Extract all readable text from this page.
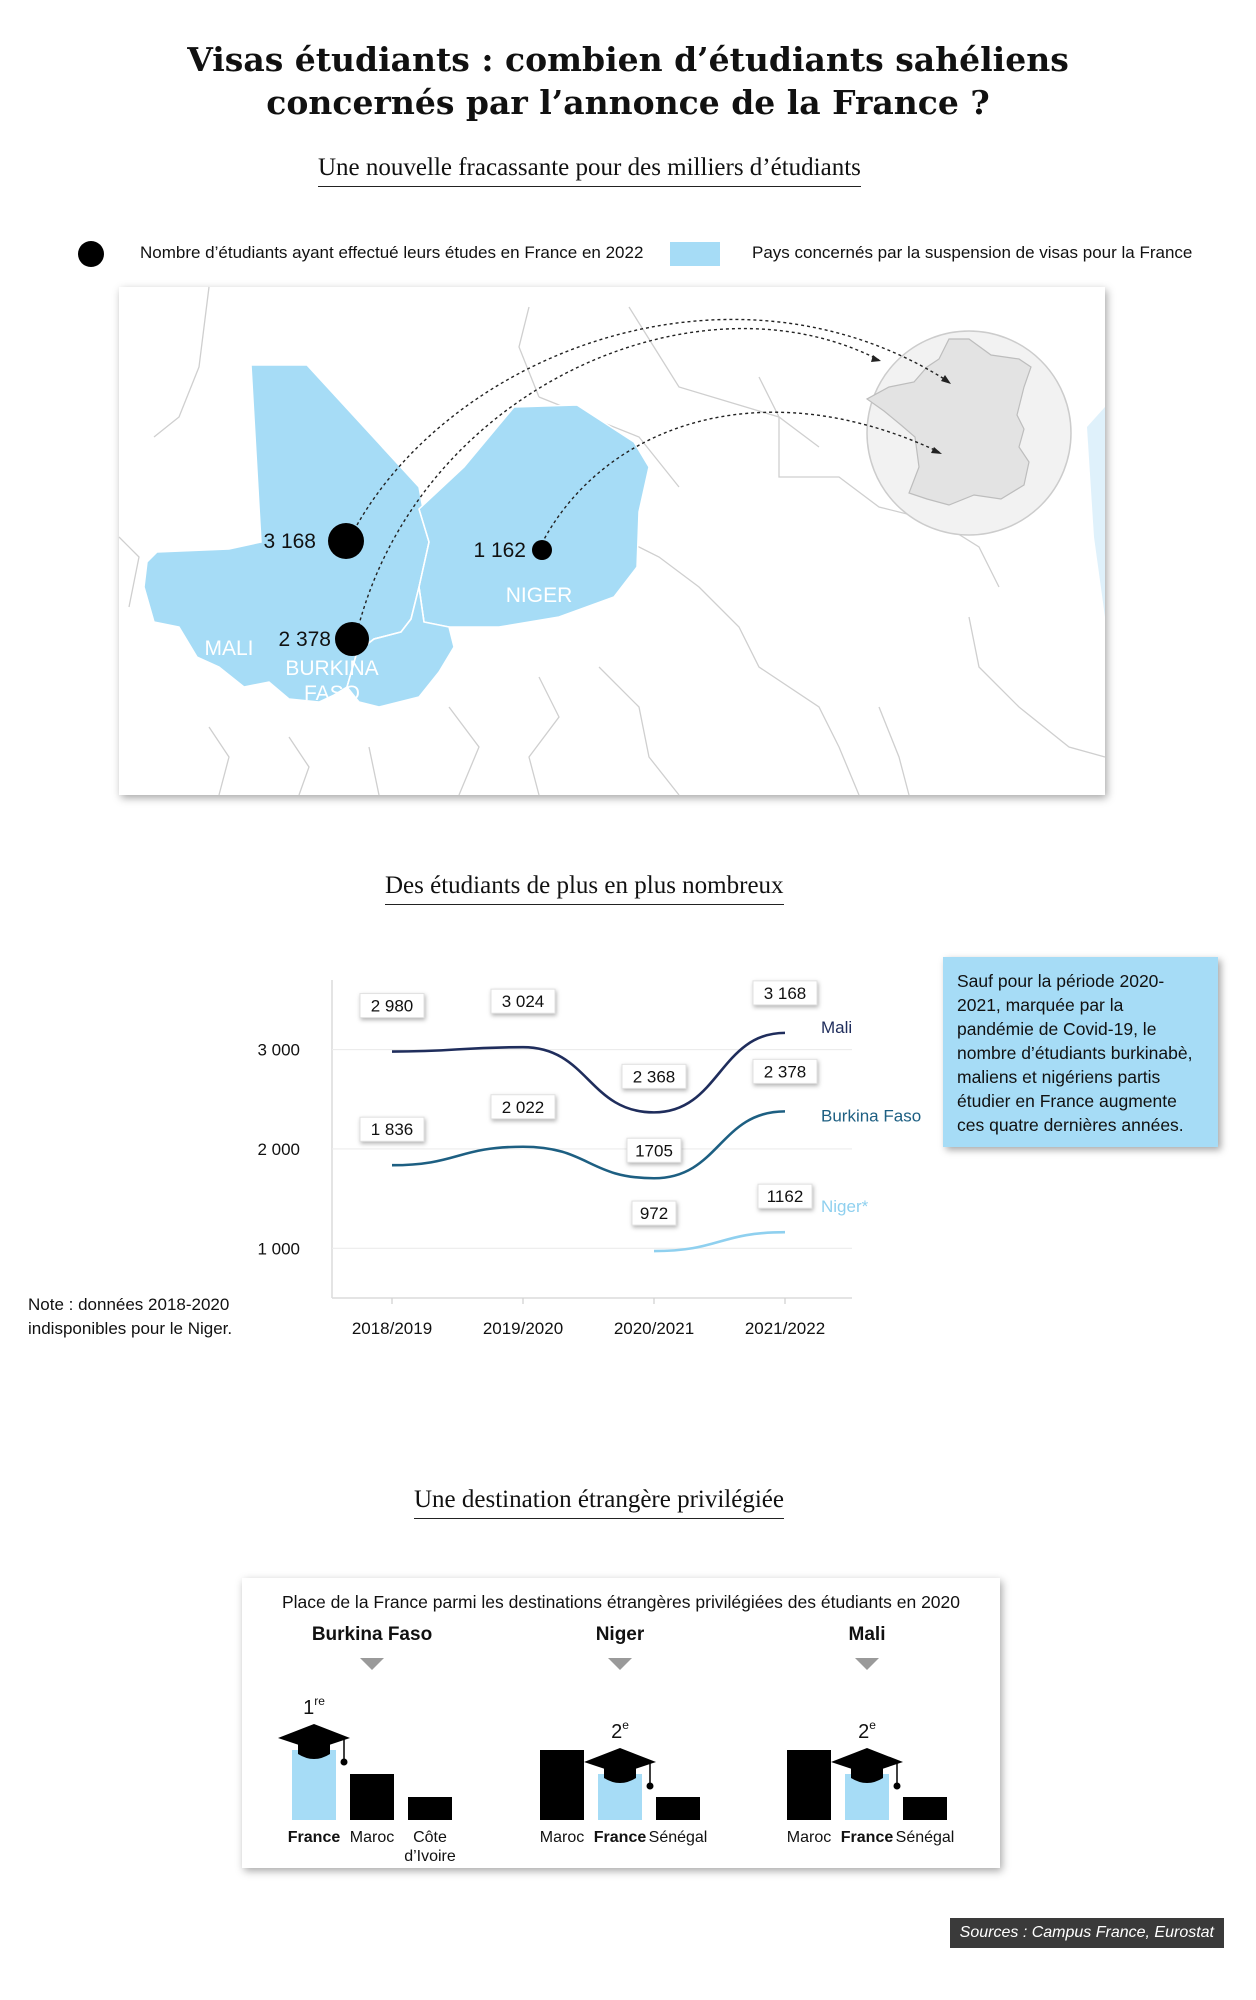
Visas étudiants : combien d’étudiants sahéliens
concernés par l’annonce de la France ?
Une nouvelle fracassante pour des milliers d’étudiants
Nombre d’étudiants ayant effectué leurs études en France en 2022	Pays concernés par la suspension de visas pour la France
3 168
2 378
1 162
MALI
BURKINA
FASO
NIGER
Des étudiants de plus en plus nombreux
1 000
2 000
3 000
2018/2019	2019/2020	2020/2021	2021/2022
2 980	3 024
2 368
3 168
Mali
1 836
2 022
1705
2 378
Burkina Faso
972
1162
Niger*
Sauf pour la période 2020-2021, marquée par la pandémie de Covid-19, le nombre d’étudiants burkinabè, maliens et nigériens partis étudier en France augmente ces quatre dernières années.
Note : données 2018-2020 indisponibles pour le Niger.
Une destination étrangère privilégiée
Place de la France parmi les destinations étrangères privilégiées des étudiants en 2020
Burkina Faso
France
1re
Maroc Côte
d’Ivoire
Niger
Maroc France
2e
Sénégal
Mali
Maroc France
2e
Sénégal
Sources : Campus France, Eurostat
